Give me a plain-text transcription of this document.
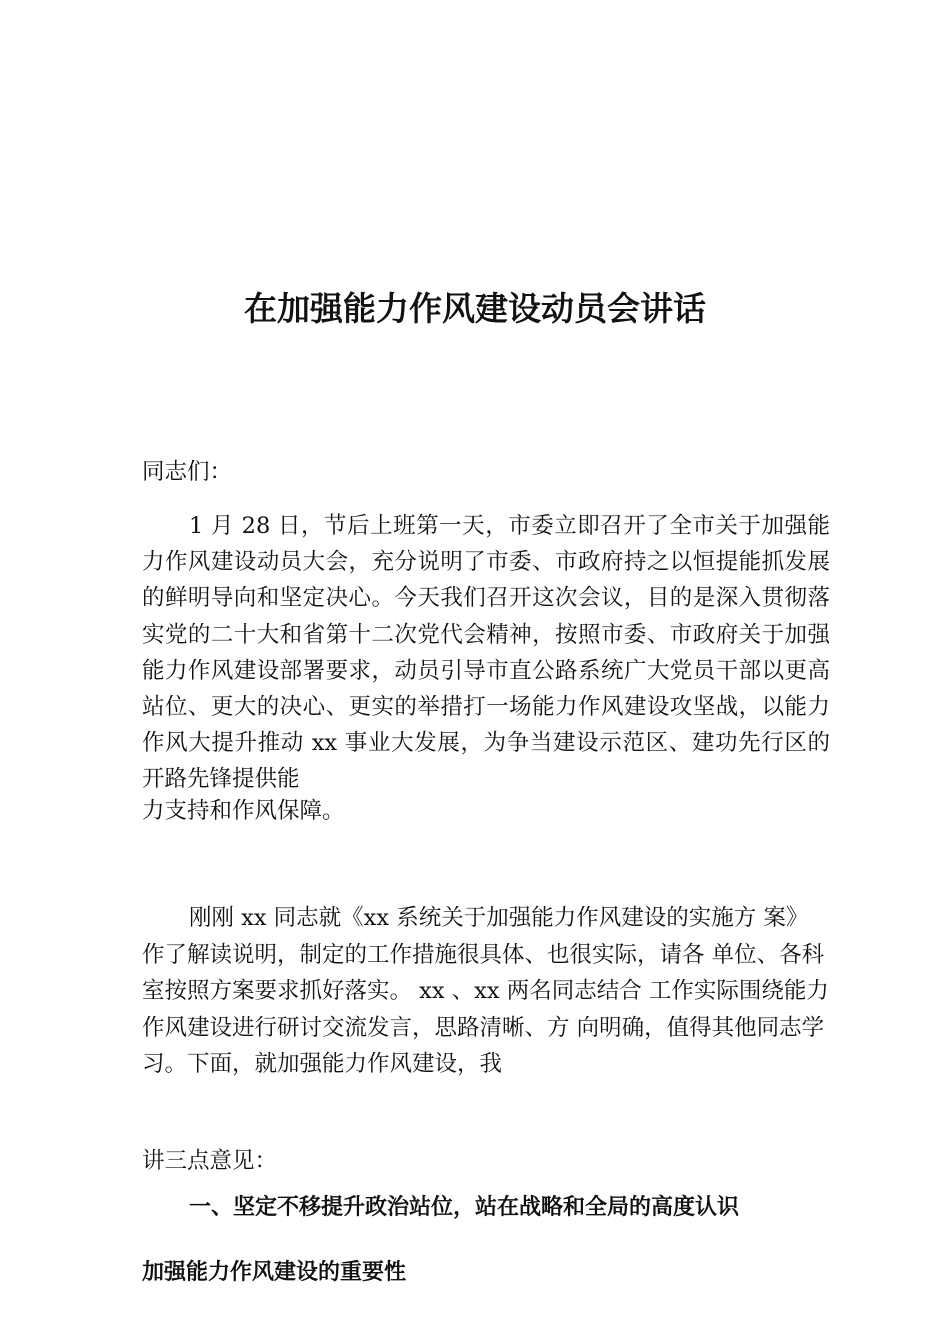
在加强能力作风建设动员会讲话

同志们：

1 月 28 日，节后上班第一天，市委立即召开了全市关于加强能力作风建设动员大会，充分说明了市委、市政府持之以恒提能抓发展的鲜明导向和坚定决心。今天我们召开这次会议，目的是深入贯彻落实党的二十大和省第十二次党代会精神，按照市委、市政府关于加强能力作风建设部署要求，动员引导市直公路系统广大党员干部以更高站位、更大的决心、更实的举措打一场能力作风建设攻坚战，以能力作风大提升推动 xx 事业大发展，为争当建设示范区、建功先行区的开路先锋提供能

力支持和作风保障。

刚刚 xx 同志就《xx 系统关于加强能力作风建设的实施方 案》作了解读说明，制定的工作措施很具体、也很实际，请各 单位、各科室按照方案要求抓好落实。 xx 、xx 两名同志结合 工作实际围绕能力作风建设进行研讨交流发言，思路清晰、方 向明确，值得其他同志学习。下面，就加强能力作风建设，我

讲三点意见：

一、坚定不移提升政治站位，站在战略和全局的高度认识

加强能力作风建设的重要性
